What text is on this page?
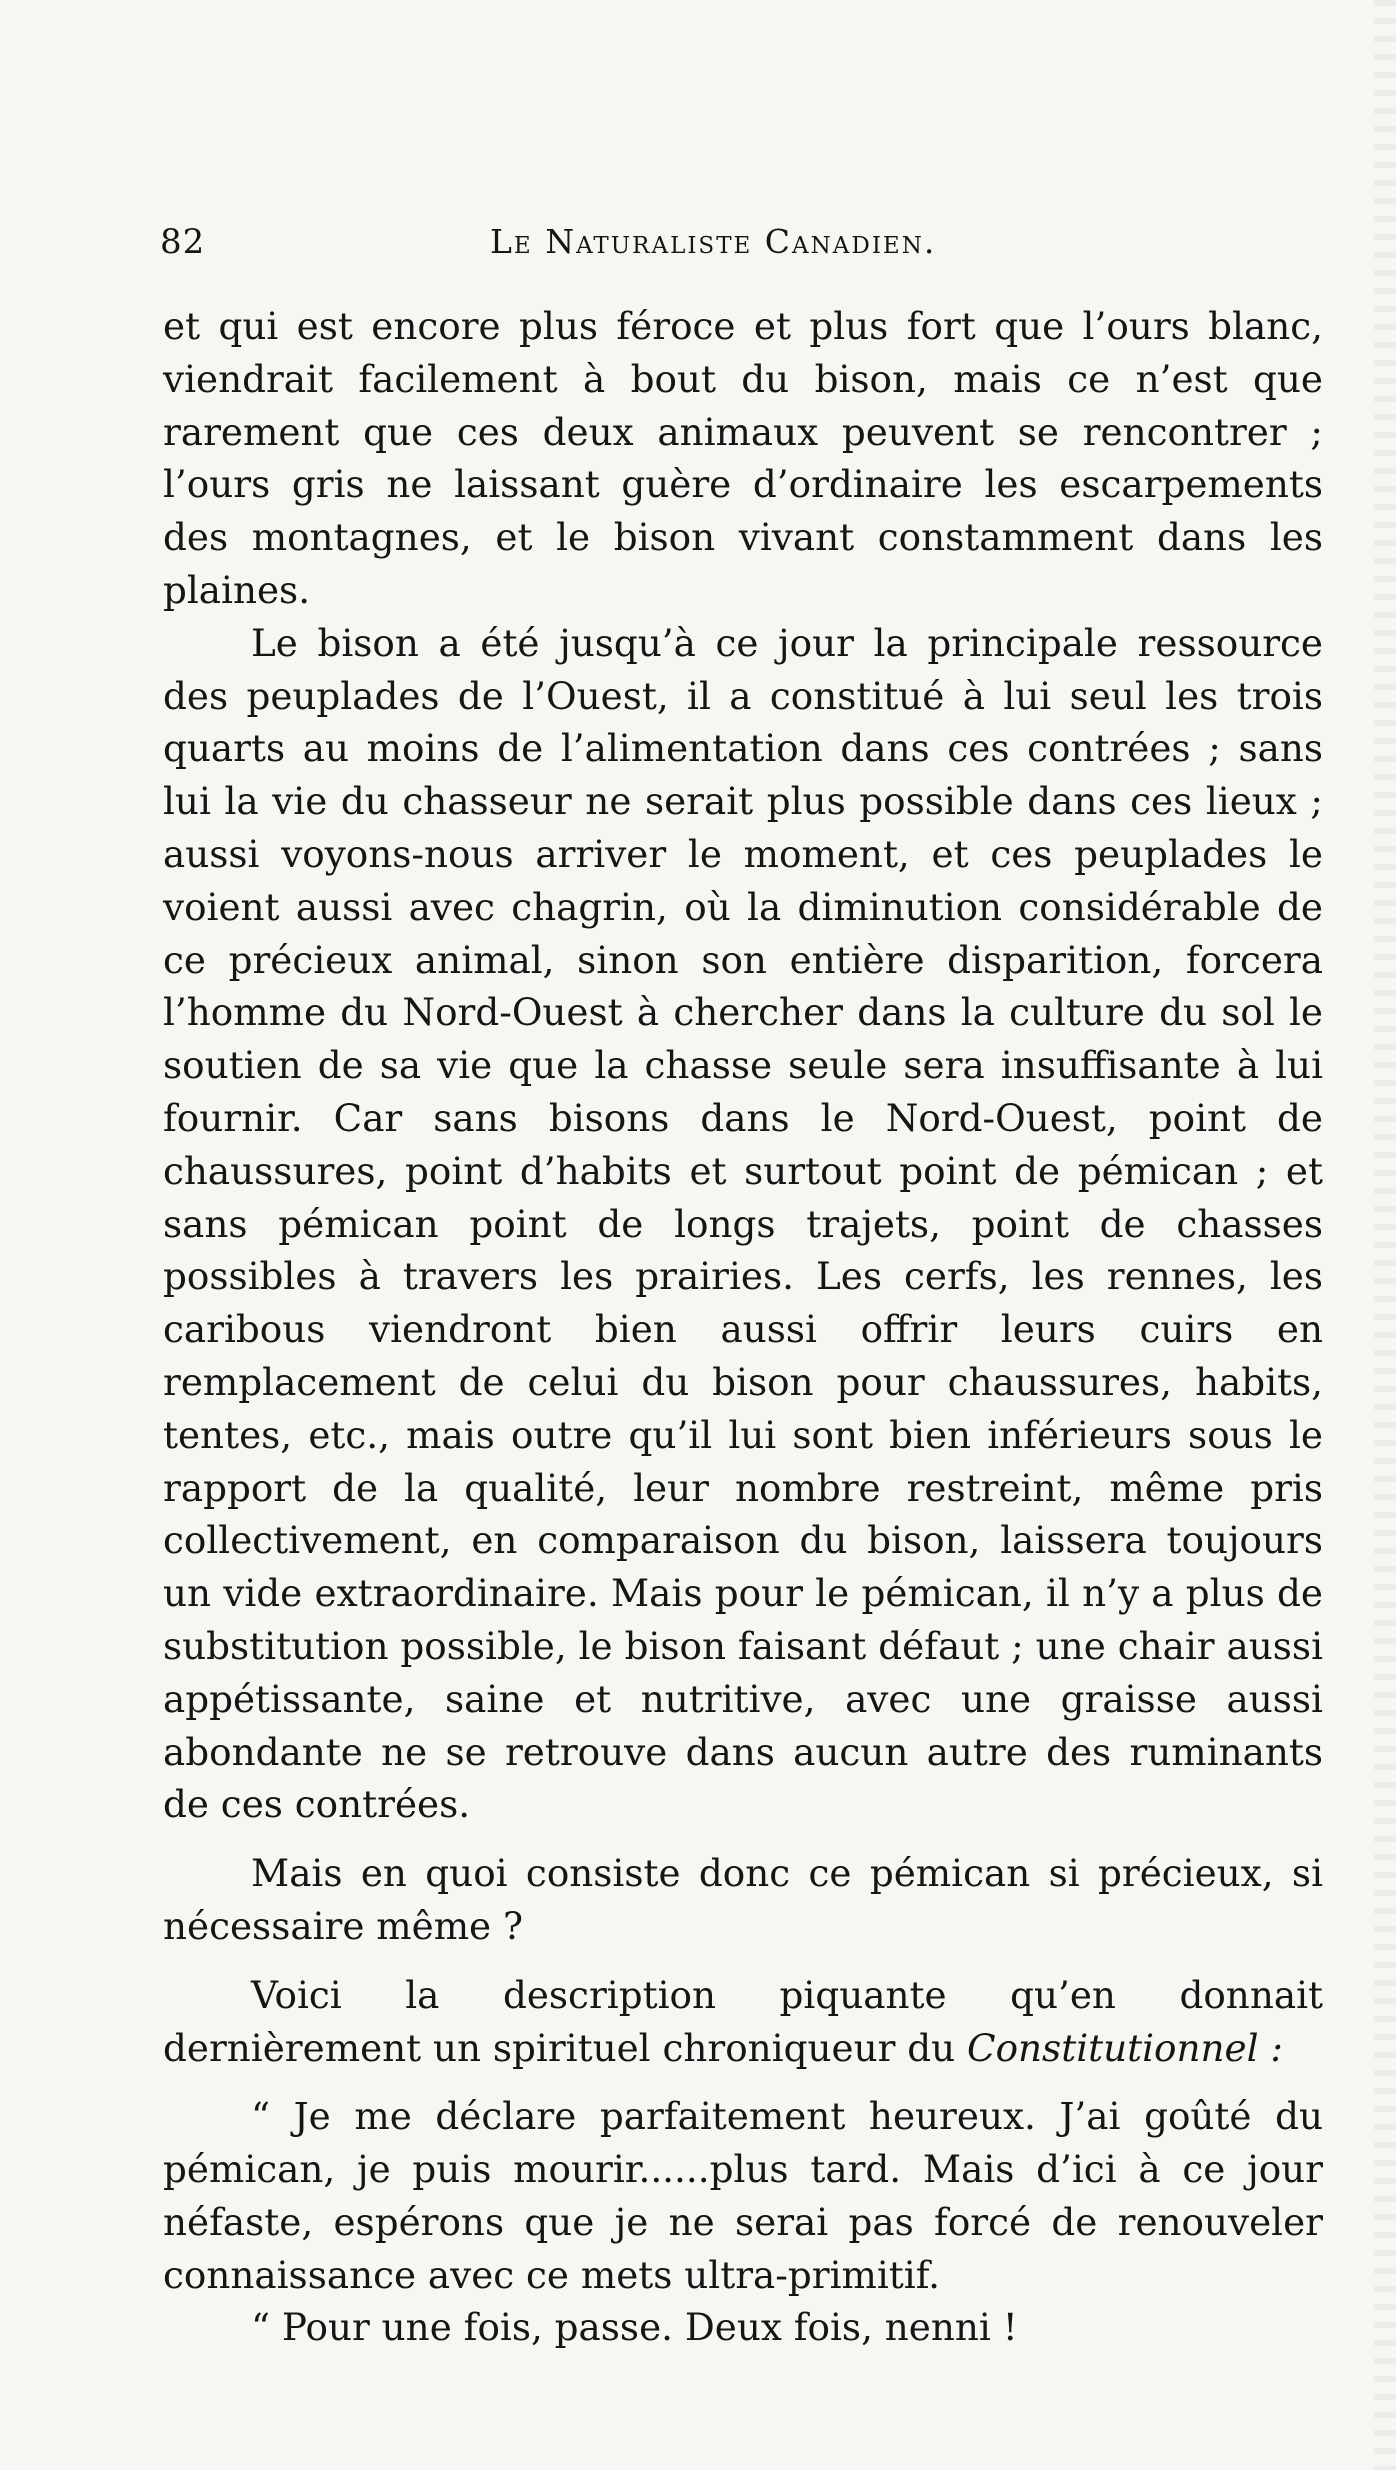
82	Le Naturaliste Canadien.

et qui est encore plus féroce et plus fort que l’ours blanc, viendrait facilement à bout du bison, mais ce n’est que rarement que ces deux animaux peuvent se rencontrer ; l’ours gris ne laissant guère d’ordinaire les escarpements des montagnes, et le bison vivant constamment dans les plaines.

Le bison a été jusqu’à ce jour la principale ressource des peuplades de l’Ouest, il a constitué à lui seul les trois quarts au moins de l’alimentation dans ces contrées ; sans lui la vie du chasseur ne serait plus possible dans ces lieux ; aussi voyons-nous arriver le moment, et ces peuplades le voient aussi avec chagrin, où la diminution considérable de ce précieux animal, sinon son entière disparition, forcera l’homme du Nord-Ouest à chercher dans la culture du sol le soutien de sa vie que la chasse seule sera insuffisante à lui fournir. Car sans bisons dans le Nord-Ouest, point de chaussures, point d’habits et surtout point de pémican ; et sans pémican point de longs trajets, point de chasses possibles à travers les prairies. Les cerfs, les rennes, les caribous viendront bien aussi offrir leurs cuirs en remplacement de celui du bison pour chaussures, habits, tentes, etc., mais outre qu’il lui sont bien inférieurs sous le rapport de la qualité, leur nombre restreint, même pris collectivement, en comparaison du bison, laissera toujours un vide extraordinaire. Mais pour le pémican, il n’y a plus de substitution possible, le bison faisant défaut ; une chair aussi appétissante, saine et nutritive, avec une graisse aussi abondante ne se retrouve dans aucun autre des ruminants de ces contrées.

Mais en quoi consiste donc ce pémican si précieux, si nécessaire même ?

Voici la description piquante qu’en donnait dernièrement un spirituel chroniqueur du Constitutionnel :

“ Je me déclare parfaitement heureux. J’ai goûté du pémican, je puis mourir......plus tard. Mais d’ici à ce jour néfaste, espérons que je ne serai pas forcé de renouveler connaissance avec ce mets ultra-primitif.

“ Pour une fois, passe. Deux fois, nenni !
